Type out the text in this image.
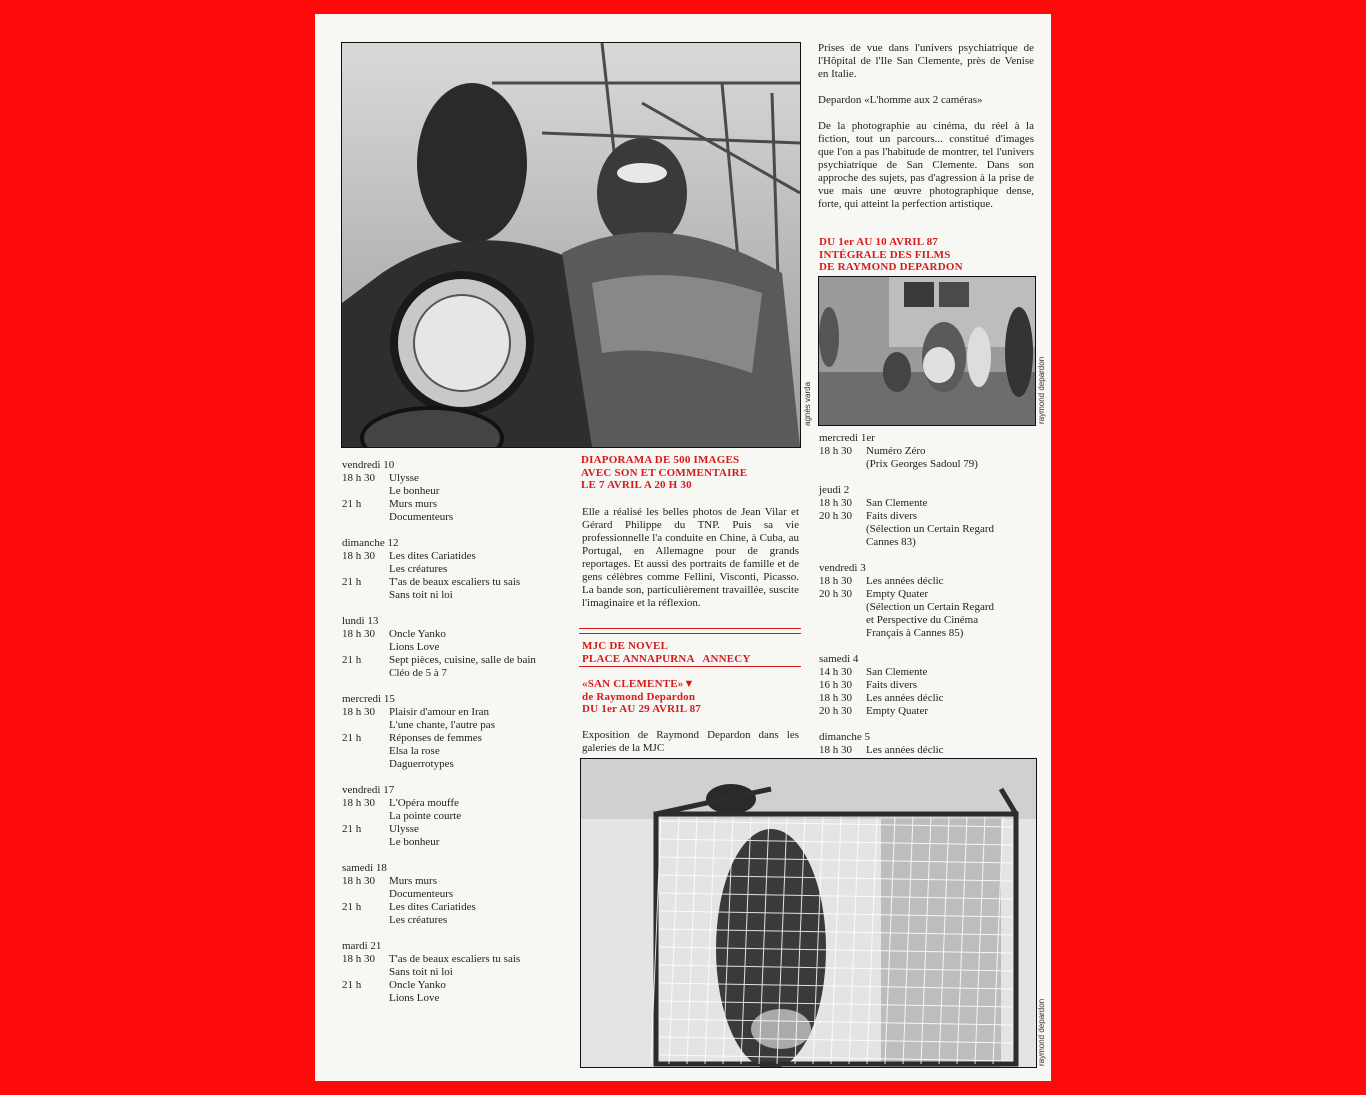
agnès varda
Prises de vue dans l'univers psychiatrique de l'Hôpital de l'Ile San Clemente, près de Venise en Italie.
Depardon «L'homme aux 2 caméras»
De la photographie au cinéma, du réel à la fiction, tout un parcours... constitué d'images que l'on a pas l'habitude de montrer, tel l'univers psychiatrique de San Clemente. Dans son approche des sujets, pas d'agression à la prise de vue mais une œuvre photographique dense, forte, qui atteint la perfection artistique.
DU 1er AU 10 AVRIL 87
INTÉGRALE DES FILMS
DE RAYMOND DEPARDON
raymond depardon
vendredi 10
18 h 30	Ulysse
Le bonheur
21 h	Murs murs
Documenteurs
dimanche 12
18 h 30	Les dites Cariatides
Les créatures
21 h	T'as de beaux escaliers tu sais
Sans toit ni loi
lundi 13
18 h 30	Oncle Yanko
Lions Love
21 h	Sept pièces, cuisine, salle de bain
Cléo de 5 à 7
mercredi 15
18 h 30	Plaisir d'amour en Iran
L'une chante, l'autre pas
21 h	Réponses de femmes
Elsa la rose
Daguerrotypes
vendredi 17
18 h 30	L'Opéra mouffe
La pointe courte
21 h	Ulysse
Le bonheur
samedi 18
18 h 30	Murs murs
Documenteurs
21 h	Les dites Cariatides
Les créatures
mardi 21
18 h 30	T'as de beaux escaliers tu sais
Sans toit ni loi
21 h	Oncle Yanko
Lions Love
DIAPORAMA DE 500 IMAGES
AVEC SON ET COMMENTAIRE
LE 7 AVRIL A 20 H 30
Elle a réalisé les belles photos de Jean Vilar et Gérard Philippe du TNP. Puis sa vie professionnelle l'a conduite en Chine, à Cuba, au Portugal, en Allemagne pour de grands reportages. Et aussi des portraits de famille et de gens célèbres comme Fellini, Visconti, Picasso. La bande son, particulièrement travaillée, suscite l'imaginaire et la réflexion.
MJC DE NOVEL
PLACE ANNAPURNA   ANNECY
«SAN CLEMENTE»▼
de Raymond Depardon
DU 1er AU 29 AVRIL 87
Exposition de Raymond Depardon dans les galeries de la MJC
mercredi 1er
18 h 30	Numéro Zéro
(Prix Georges Sadoul 79)
jeudi 2
18 h 30	San Clemente
20 h 30	Faits divers
(Sélection un Certain Regard
Cannes 83)
vendredi 3
18 h 30	Les années déclic
20 h 30	Empty Quater
(Sélection un Certain Regard
et Perspective du Cinéma
Français à Cannes 85)
samedi 4
14 h 30	San Clemente
16 h 30	Faits divers
18 h 30	Les années déclic
20 h 30	Empty Quater
dimanche 5
18 h 30	Les années déclic
raymond depardon
